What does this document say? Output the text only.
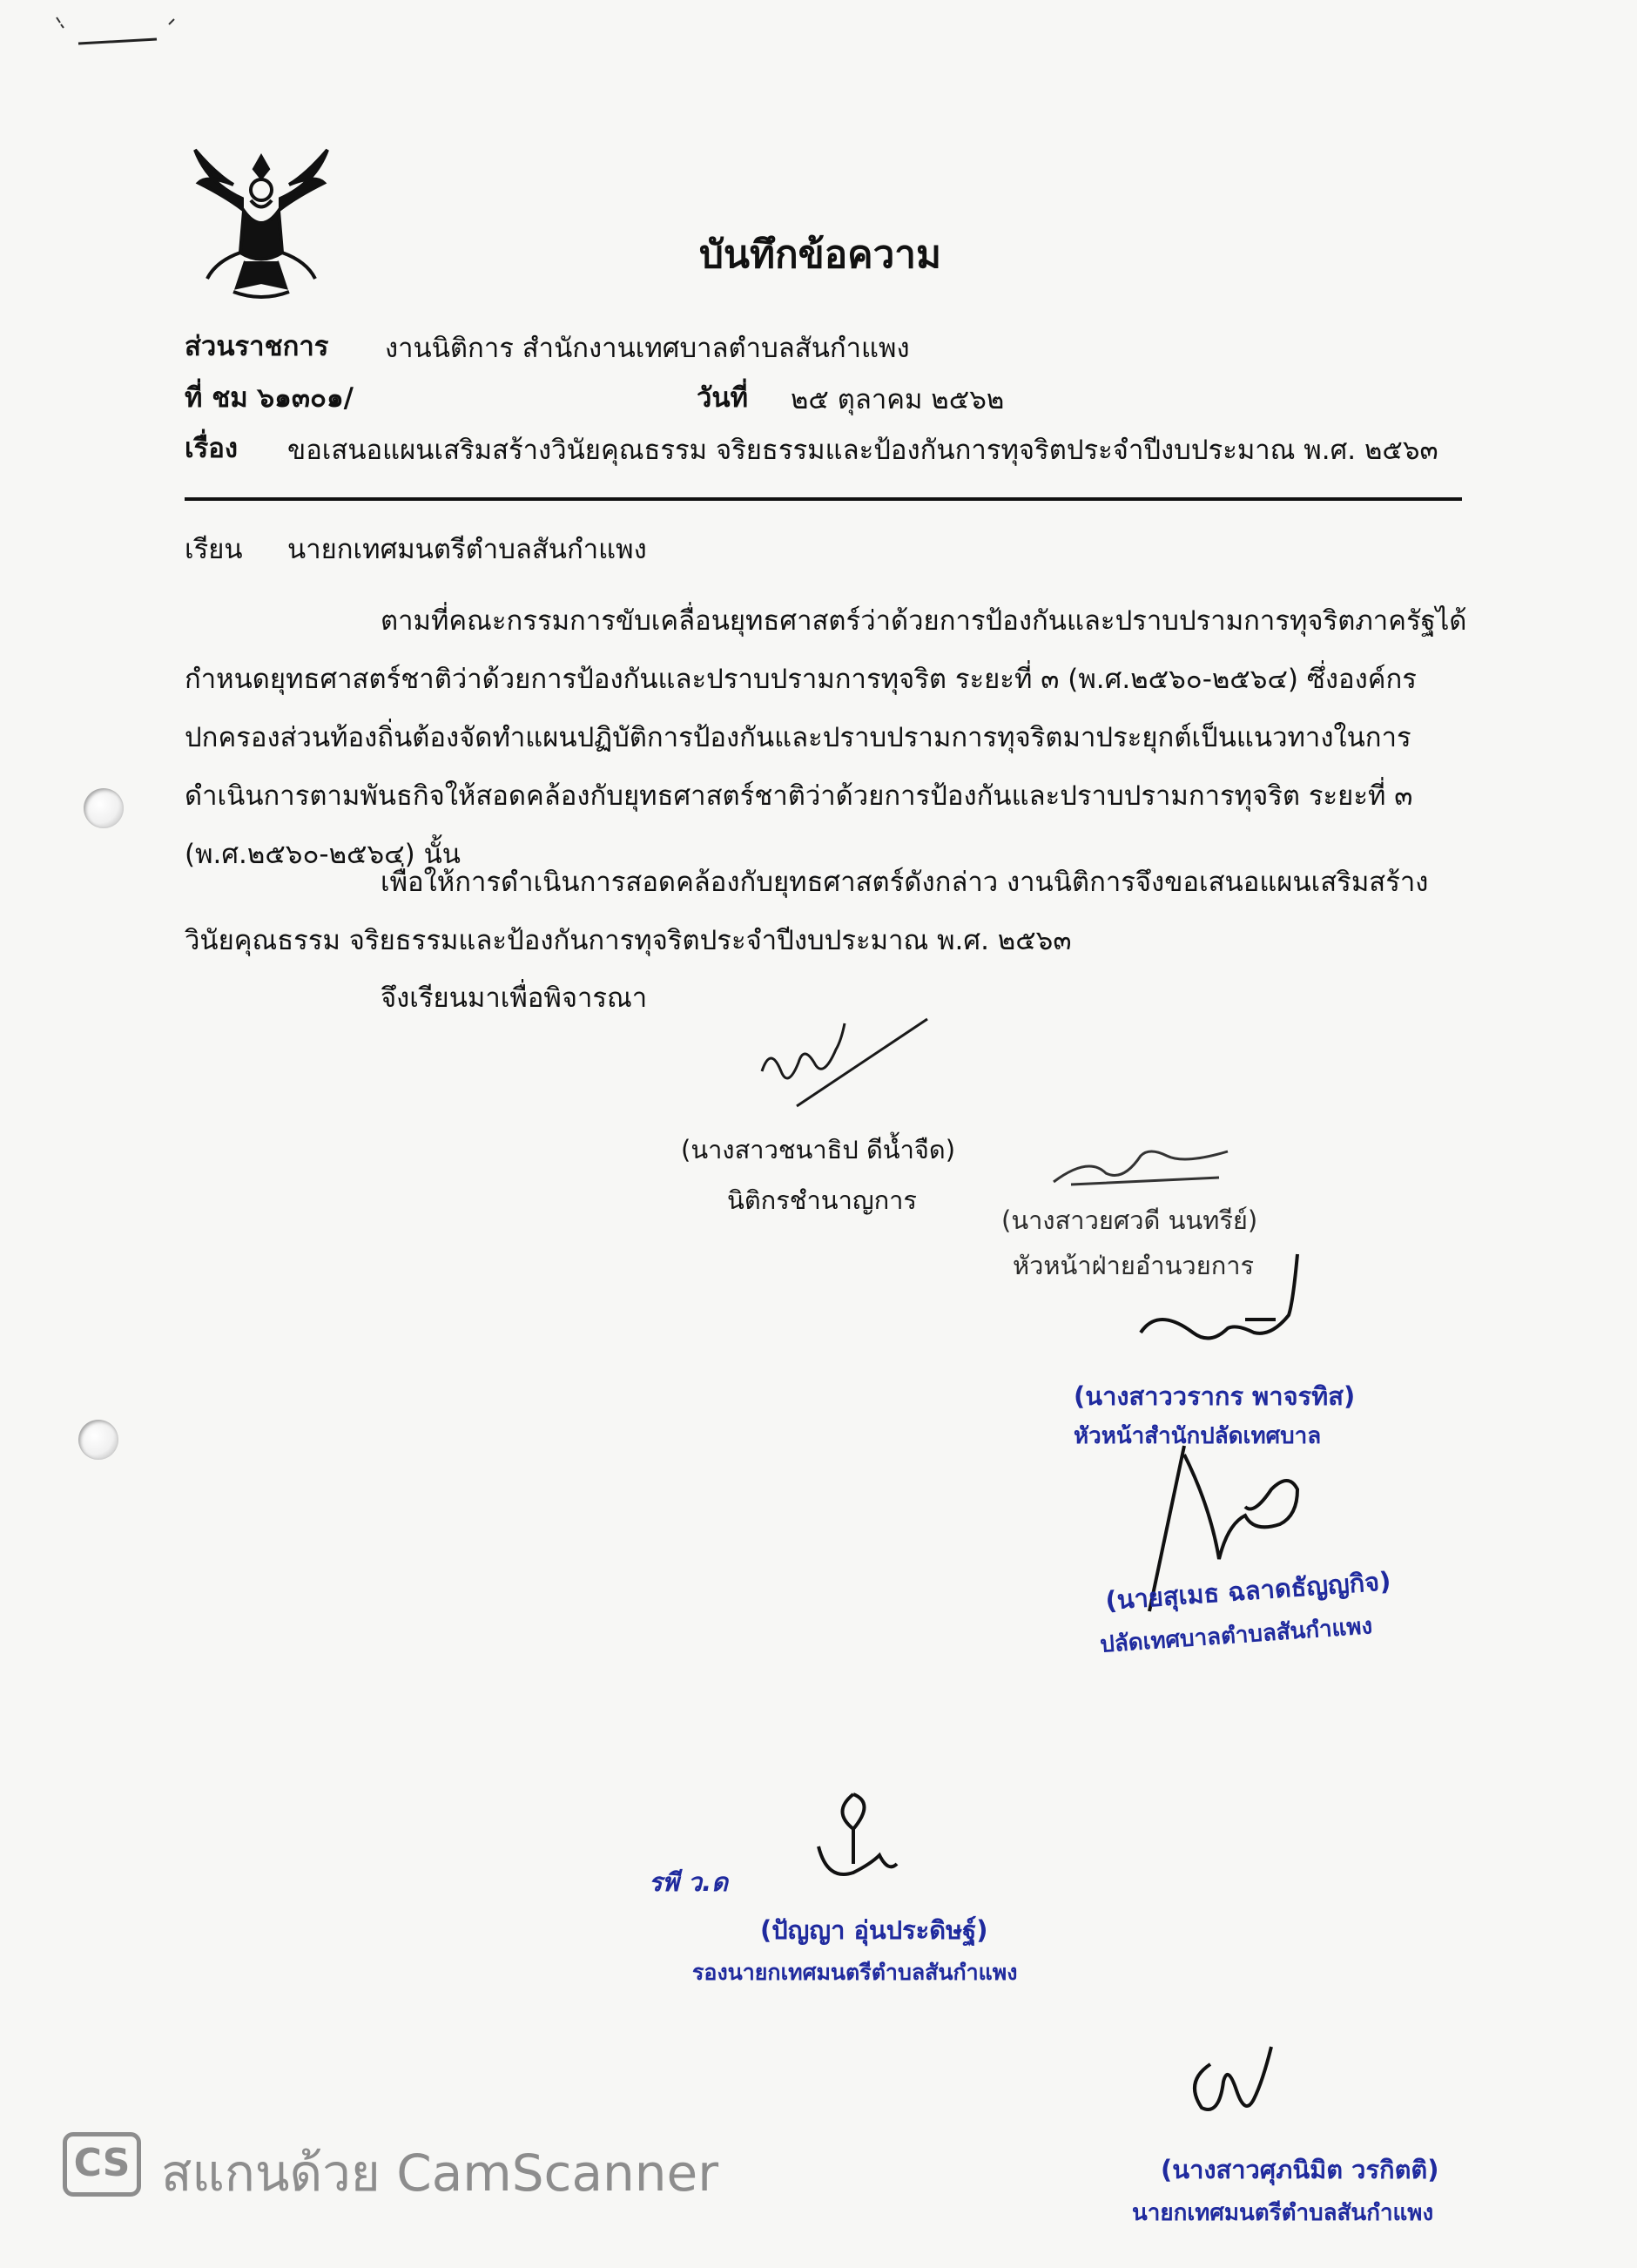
บันทึกข้อความ
ส่วนราชการ งานนิติการ สำนักงานเทศบาลตำบลสันกำแพง
ที่ ชม ๖๑๓๐๑/	วันที่ ๒๕ ตุลาคม ๒๕๖๒
เรื่อง ขอเสนอแผนเสริมสร้างวินัยคุณธรรม จริยธรรมและป้องกันการทุจริตประจำปีงบประมาณ พ.ศ. ๒๕๖๓
เรียน นายกเทศมนตรีตำบลสันกำแพง
ตามที่คณะกรรมการขับเคลื่อนยุทธศาสตร์ว่าด้วยการป้องกันและปราบปรามการทุจริตภาครัฐได้
กำหนดยุทธศาสตร์ชาติว่าด้วยการป้องกันและปราบปรามการทุจริต ระยะที่ ๓ (พ.ศ.๒๕๖๐-๒๕๖๔) ซึ่งองค์กร
ปกครองส่วนท้องถิ่นต้องจัดทำแผนปฏิบัติการป้องกันและปราบปรามการทุจริตมาประยุกต์เป็นแนวทางในการ
ดำเนินการตามพันธกิจให้สอดคล้องกับยุทธศาสตร์ชาติว่าด้วยการป้องกันและปราบปรามการทุจริต ระยะที่ ๓
(พ.ศ.๒๕๖๐-๒๕๖๔) นั้น
เพื่อให้การดำเนินการสอดคล้องกับยุทธศาสตร์ดังกล่าว งานนิติการจึงขอเสนอแผนเสริมสร้าง
วินัยคุณธรรม จริยธรรมและป้องกันการทุจริตประจำปีงบประมาณ พ.ศ. ๒๕๖๓
จึงเรียนมาเพื่อพิจารณา
(นางสาวชนาธิป ดีน้ำจืด)
นิติกรชำนาญการ
(นางสาวยศวดี นนทรีย์)
หัวหน้าฝ่ายอำนวยการ
(นางสาววรากร พาจรทิส)
หัวหน้าสำนักปลัดเทศบาล
(นายสุเมธ ฉลาดธัญญกิจ)
ปลัดเทศบาลตำบลสันกำแพง
รพี ว.ด
(ปัญญา อุ่นประดิษฐ์)
รองนายกเทศมนตรีตำบลสันกำแพง
(นางสาวศุภนิมิต วรกิตติ)
นายกเทศมนตรีตำบลสันกำแพง
CS สแกนด้วย CamScanner
